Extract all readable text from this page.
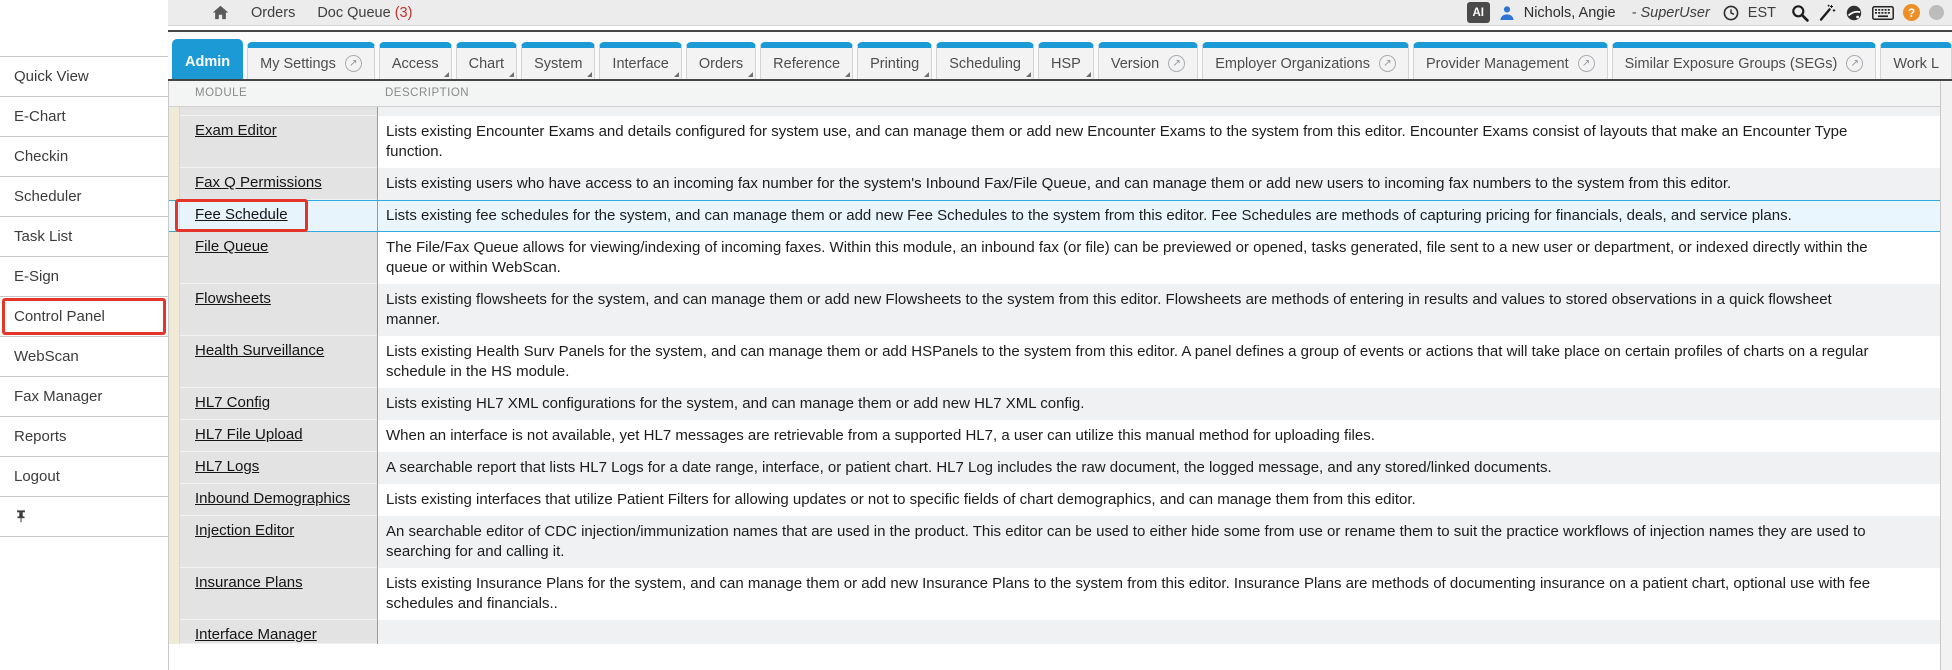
Quick View
E-Chart
Checkin
Scheduler
Task List
E-Sign
Control Panel
WebScan
Fax Manager
Reports
Logout
Orders Doc Queue (3)	AI	Nichols, Angie - SuperUser	EST	?
Admin My Settings	↗ Access Chart System Interface Orders Reference Printing Scheduling HSP Version	↗ Employer Organizations	↗ Provider Management	↗ Similar Exposure Groups (SEGs)	↗ Work L
MODULE	DESCRIPTION
Exam Editor	Lists existing Encounter Exams and details configured for system use, and can manage them or add new Encounter Exams to the system from this editor. Encounter Exams consist of layouts that make an Encounter Type function.
Fax Q Permissions	Lists existing users who have access to an incoming fax number for the system's Inbound Fax/File Queue, and can manage them or add new users to incoming fax numbers to the system from this editor.
Fee Schedule	Lists existing fee schedules for the system, and can manage them or add new Fee Schedules to the system from this editor. Fee Schedules are methods of capturing pricing for financials, deals, and service plans.
File Queue	The File/Fax Queue allows for viewing/indexing of incoming faxes. Within this module, an inbound fax (or file) can be previewed or opened, tasks generated, file sent to a new user or department, or indexed directly within the queue or within WebScan.
Flowsheets	Lists existing flowsheets for the system, and can manage them or add new Flowsheets to the system from this editor. Flowsheets are methods of entering in results and values to stored observations in a quick flowsheet manner.
Health Surveillance	Lists existing Health Surv Panels for the system, and can manage them or add HSPanels to the system from this editor. A panel defines a group of events or actions that will take place on certain profiles of charts on a regular schedule in the HS module.
HL7 Config	Lists existing HL7 XML configurations for the system, and can manage them or add new HL7 XML config.
HL7 File Upload	When an interface is not available, yet HL7 messages are retrievable from a supported HL7, a user can utilize this manual method for uploading files.
HL7 Logs	A searchable report that lists HL7 Logs for a date range, interface, or patient chart. HL7 Log includes the raw document, the logged message, and any stored/linked documents.
Inbound Demographics	Lists existing interfaces that utilize Patient Filters for allowing updates or not to specific fields of chart demographics, and can manage them from this editor.
Injection Editor	An searchable editor of CDC injection/immunization names that are used in the product. This editor can be used to either hide some from use or rename them to suit the practice workflows of injection names they are used to searching for and calling it.
Insurance Plans	Lists existing Insurance Plans for the system, and can manage them or add new Insurance Plans to the system from this editor. Insurance Plans are methods of documenting insurance on a patient chart, optional use with fee schedules and financials..
Interface Manager
